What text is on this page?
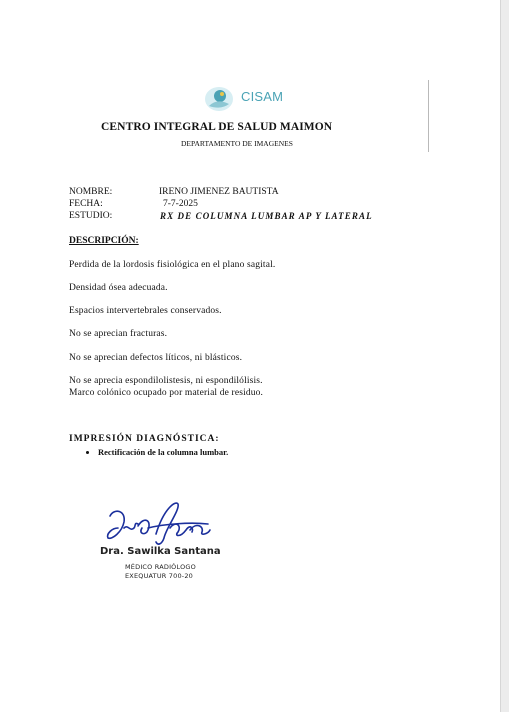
CISAM
CENTRO INTEGRAL DE SALUD MAIMON
DEPARTAMENTO DE IMAGENES
NOMBRE:	IRENO JIMENEZ BAUTISTA
FECHA:	7-7-2025
ESTUDIO:	RX DE COLUMNA LUMBAR AP Y LATERAL
DESCRIPCIÓN:
Perdida de la lordosis fisiológica en el plano sagital.
Densidad ósea adecuada.
Espacios intervertebrales conservados.
No se aprecian fracturas.
No se aprecian defectos líticos, ni blásticos.
No se aprecia espondilolistesis, ni espondilólisis.
Marco colónico ocupado por material de residuo.
IMPRESIÓN DIAGNÓSTICA:
Rectificación de la columna lumbar.
Dra. Sawilka Santana
MÉDICO RADIÓLOGO
EXEQUATUR 700-20
